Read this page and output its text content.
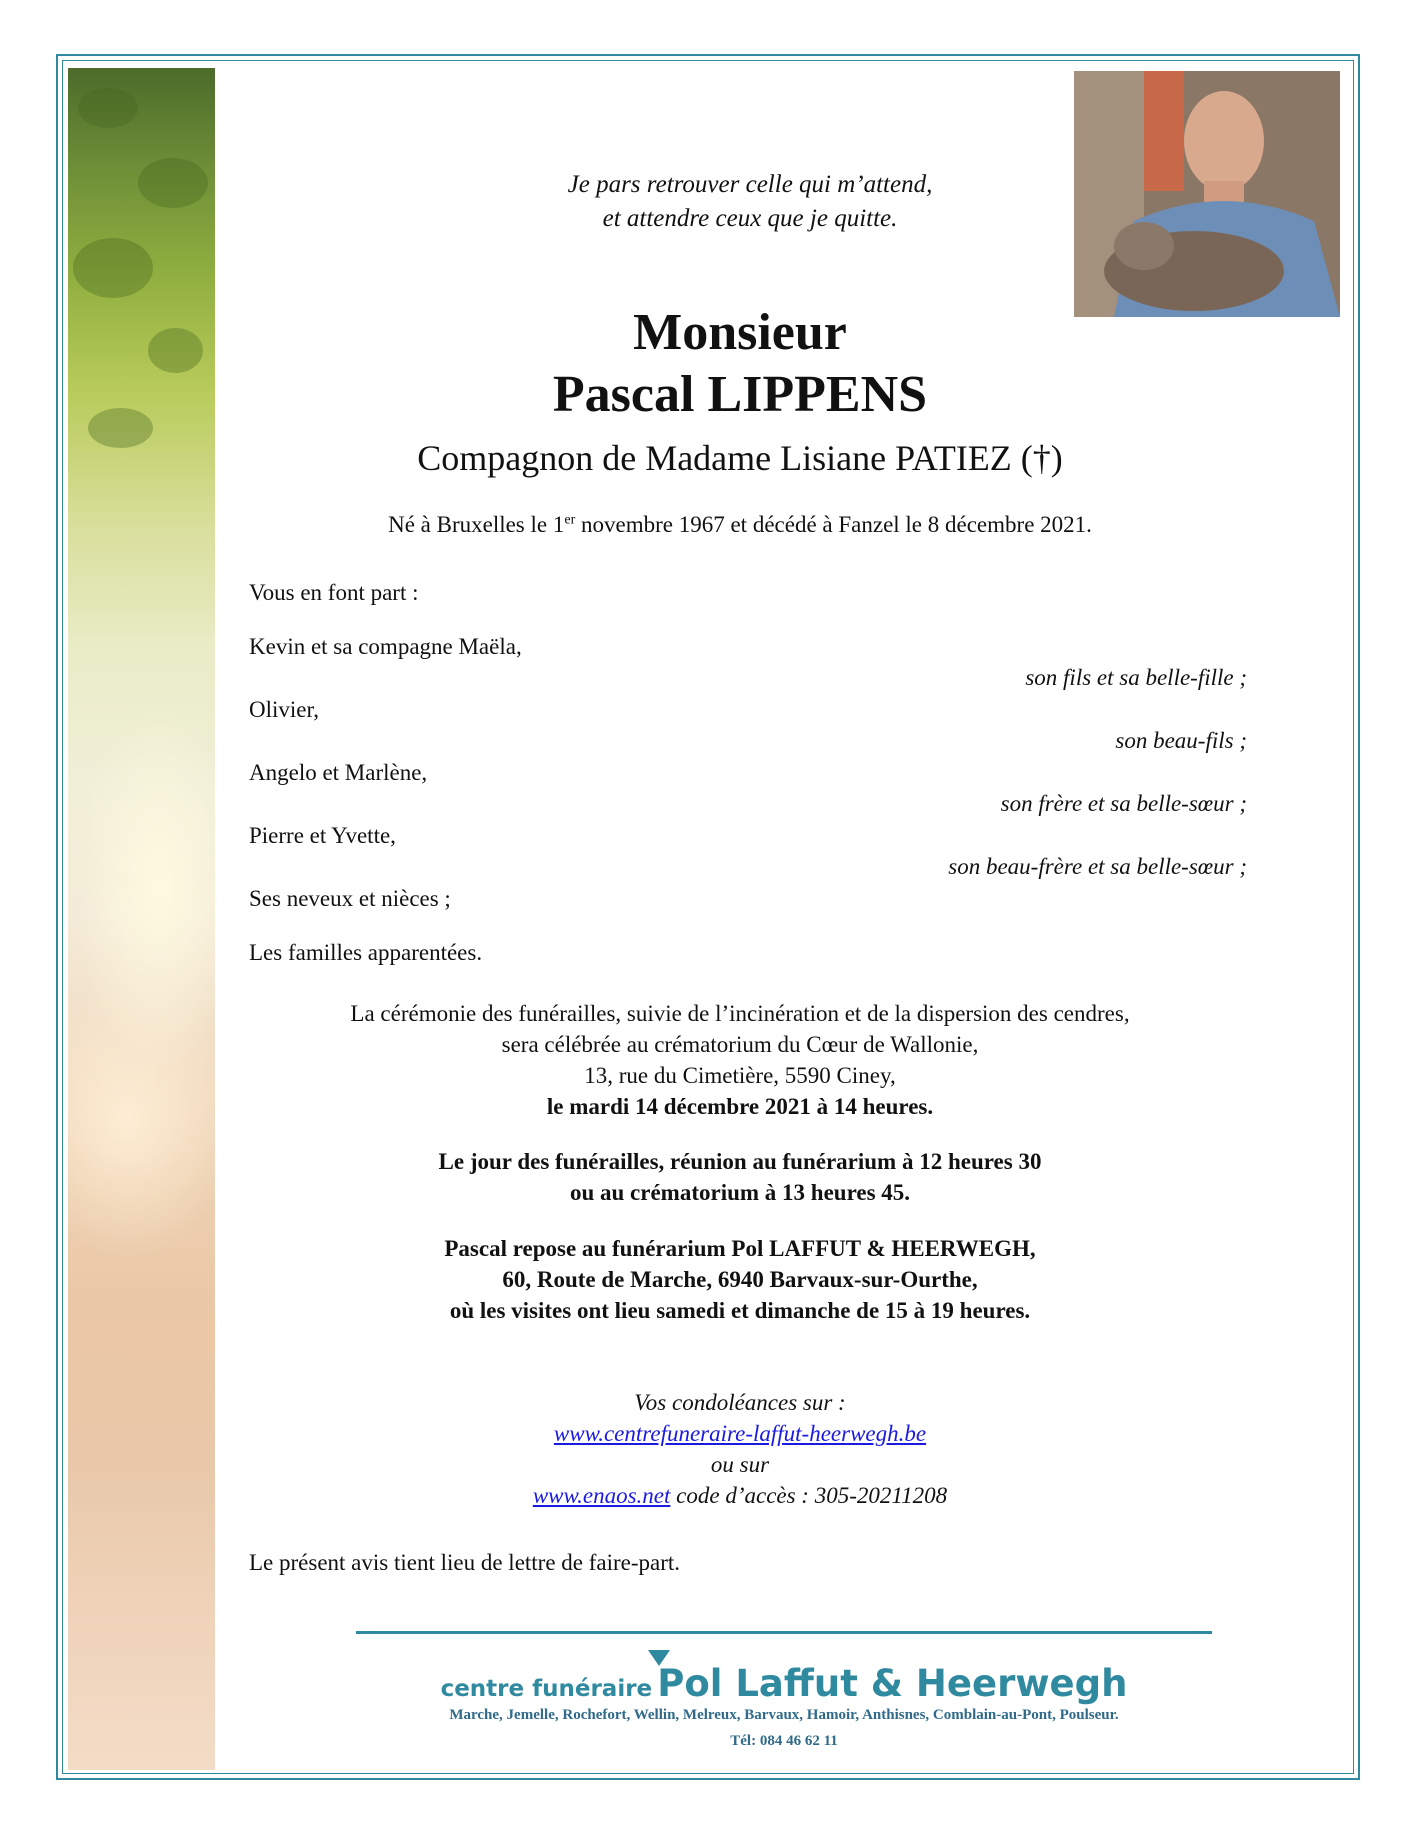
Je pars retrouver celle qui m’attend,
et attendre ceux que je quitte.
Monsieur
Pascal LIPPENS
Compagnon de Madame Lisiane PATIEZ (†)
Né à Bruxelles le 1er novembre 1967 et décédé à Fanzel le 8 décembre 2021.
Vous en font part :
Kevin et sa compagne Maëla,
son fils et sa belle-fille ;
Olivier,
son beau-fils ;
Angelo et Marlène,
son frère et sa belle-sœur ;
Pierre et Yvette,
son beau-frère et sa belle-sœur ;
Ses neveux et nièces ;
Les familles apparentées.
La cérémonie des funérailles, suivie de l’incinération et de la dispersion des cendres,
sera célébrée au crématorium du Cœur de Wallonie,
13, rue du Cimetière, 5590 Ciney,
le mardi 14 décembre 2021 à 14 heures.
Le jour des funérailles, réunion au funérarium à 12 heures 30
ou au crématorium à 13 heures 45.
Pascal repose au funérarium Pol LAFFUT & HEERWEGH,
60, Route de Marche, 6940 Barvaux-sur-Ourthe,
où les visites ont lieu samedi et dimanche de 15 à 19 heures.
Vos condoléances sur :
www.centrefuneraire-laffut-heerwegh.be
ou sur
www.enaos.net code d’accès : 305-20211208
Le présent avis tient lieu de lettre de faire-part.
centre funéraire Pol Laffut & Heerwegh
Marche, Jemelle, Rochefort, Wellin, Melreux, Barvaux, Hamoir, Anthisnes, Comblain-au-Pont, Poulseur.
Tél: 084 46 62 11
